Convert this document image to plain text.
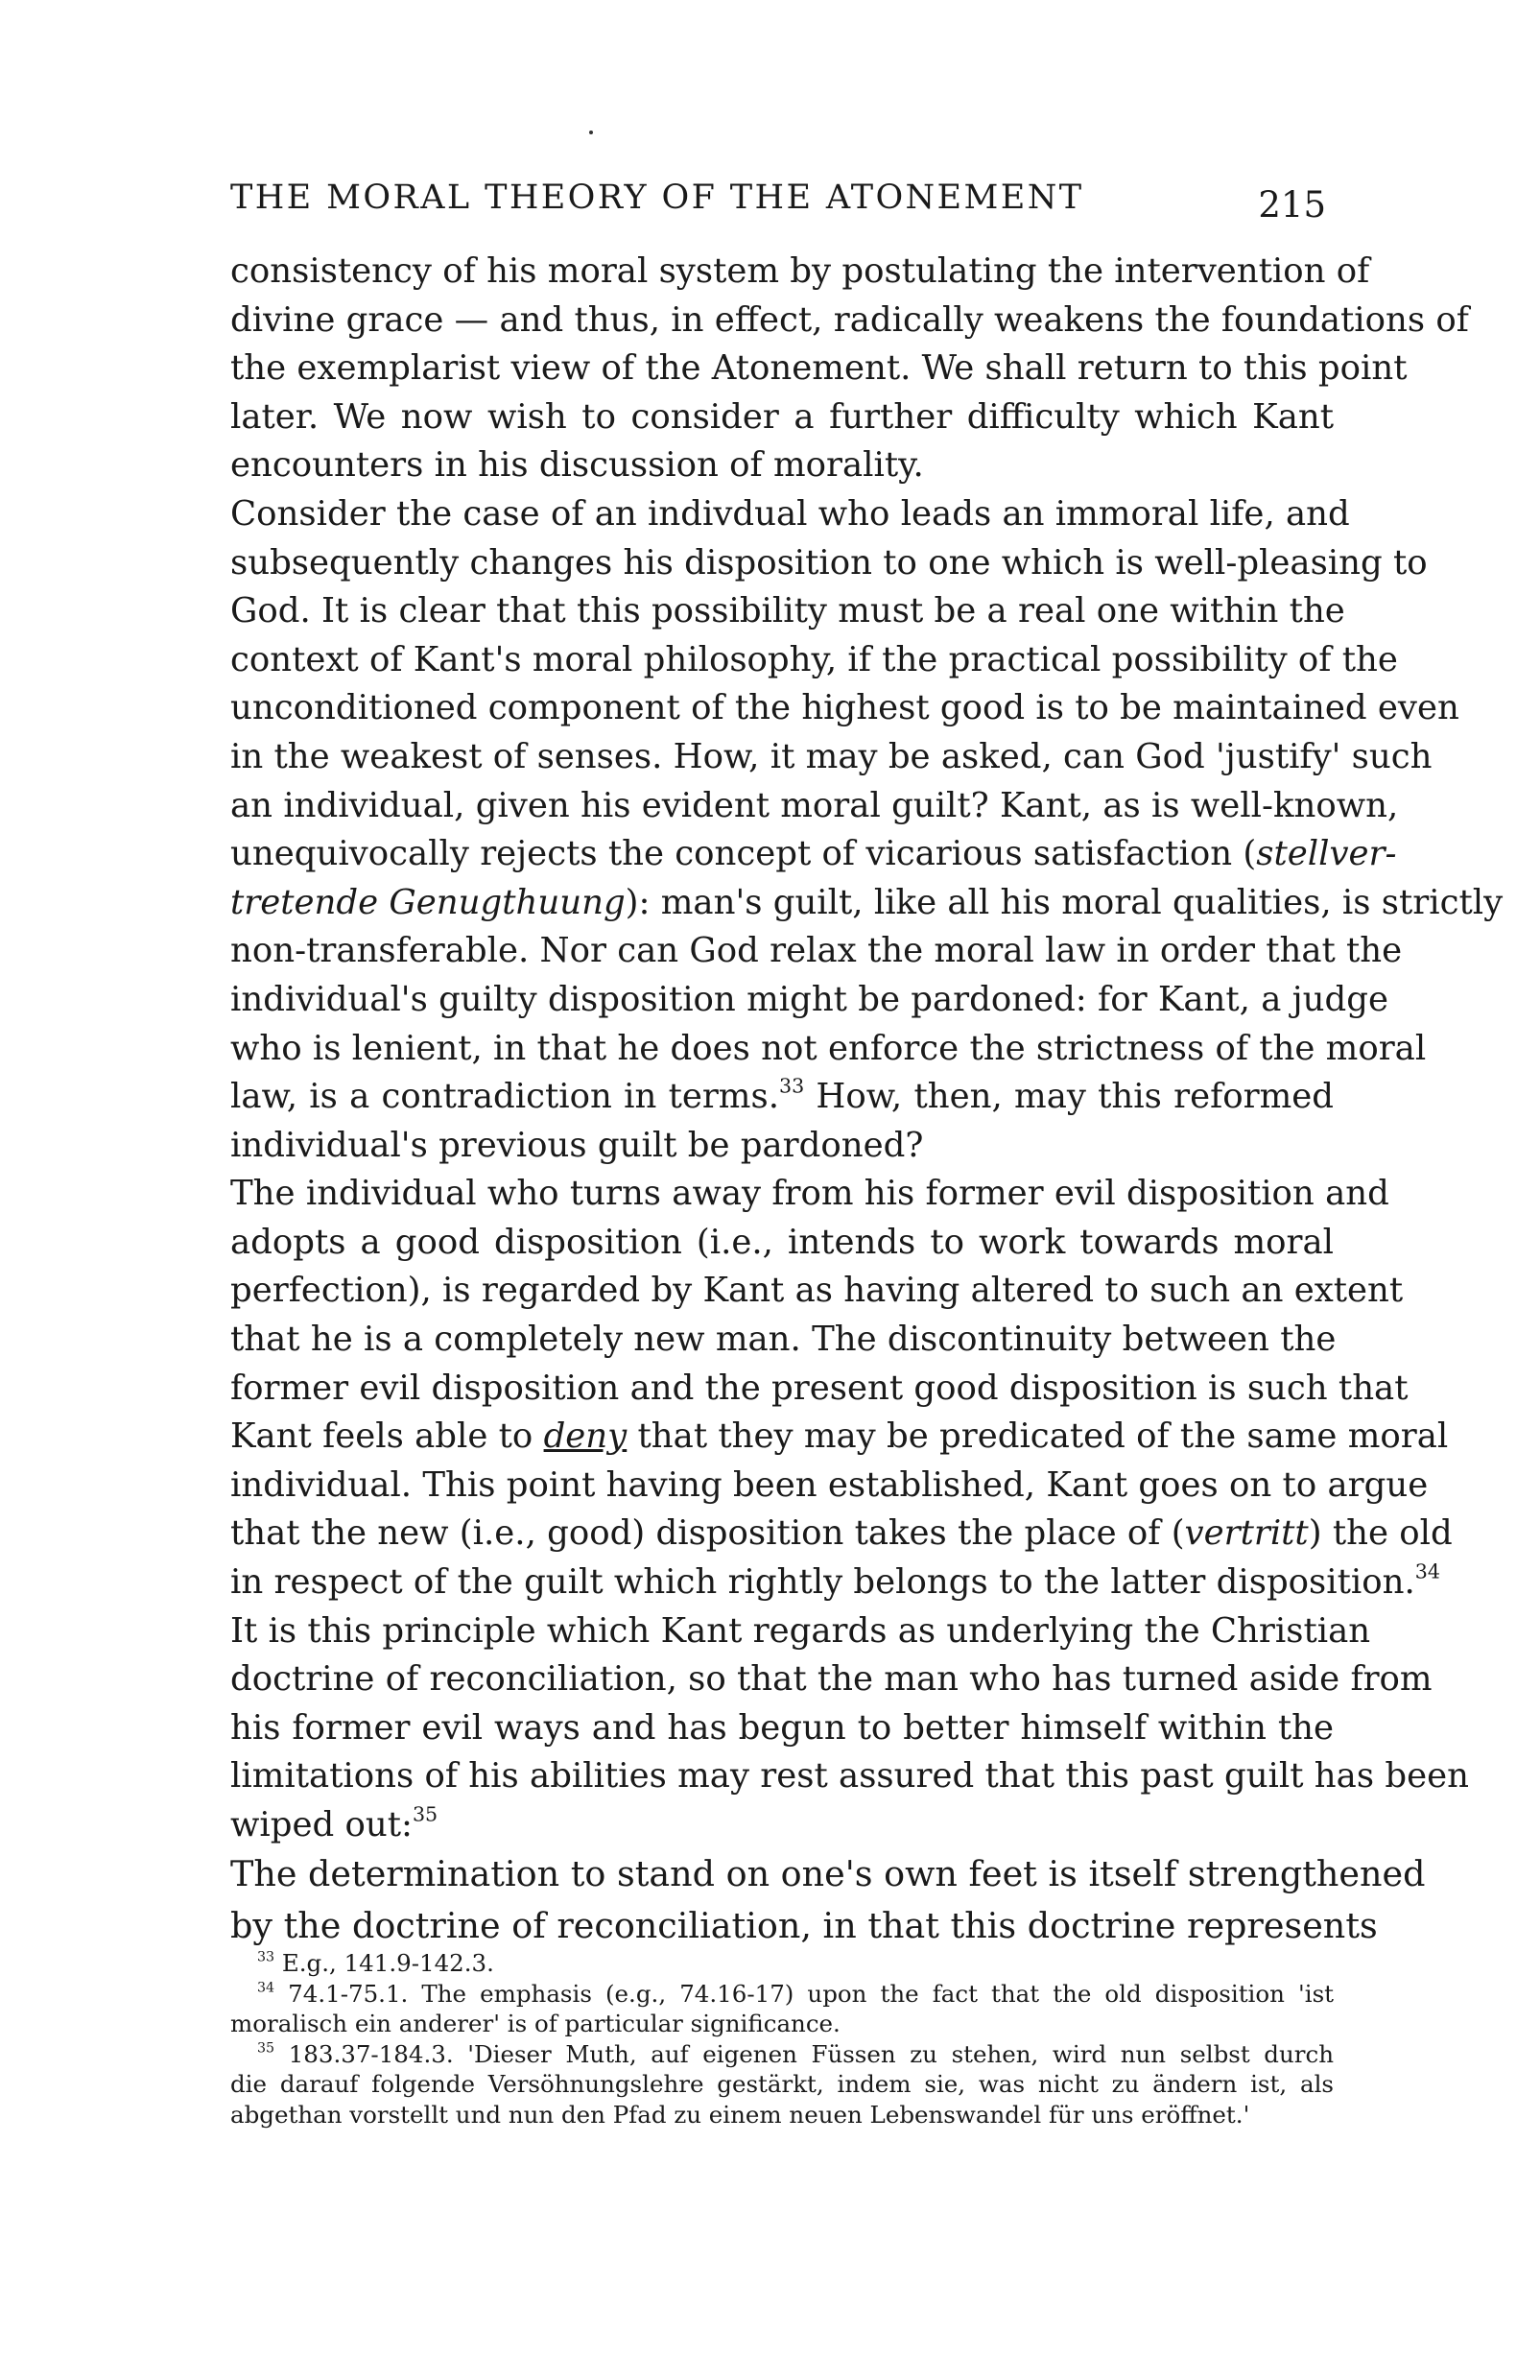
THE MORAL THEORY OF THE ATONEMENT	215
consistency of his moral system by postulating the intervention of
divine grace — and thus, in effect, radically weakens the foundations of
the exemplarist view of the Atonement. We shall return to this point
later. We now wish to consider a further difficulty which Kant
encounters in his discussion of morality.
Consider the case of an indivdual who leads an immoral life, and
subsequently changes his disposition to one which is well-pleasing to
God. It is clear that this possibility must be a real one within the
context of Kant's moral philosophy, if the practical possibility of the
unconditioned component of the highest good is to be maintained even
in the weakest of senses. How, it may be asked, can God 'justify' such
an individual, given his evident moral guilt? Kant, as is well-known,
unequivocally rejects the concept of vicarious satisfaction (stellver-
tretende Genugthuung): man's guilt, like all his moral qualities, is strictly
non-transferable. Nor can God relax the moral law in order that the
individual's guilty disposition might be pardoned: for Kant, a judge
who is lenient, in that he does not enforce the strictness of the moral
law, is a contradiction in terms.$^{33}$ How, then, may this reformed
individual's previous guilt be pardoned?
The individual who turns away from his former evil disposition and
adopts a good disposition (i.e., intends to work towards moral
perfection), is regarded by Kant as having altered to such an extent
that he is a completely new man. The discontinuity between the
former evil disposition and the present good disposition is such that
Kant feels able to deny that they may be predicated of the same moral
individual. This point having been established, Kant goes on to argue
that the new (i.e., good) disposition takes the place of (vertritt) the old
in respect of the guilt which rightly belongs to the latter disposition.$^{34}$
It is this principle which Kant regards as underlying the Christian
doctrine of reconciliation, so that the man who has turned aside from
his former evil ways and has begun to better himself within the
limitations of his abilities may rest assured that this past guilt has been
wiped out:$^{35}$
The determination to stand on one's own feet is itself strengthened
by the doctrine of reconciliation, in that this doctrine represents
$^{33}$ E.g., 141.9-142.3.
$^{34}$ 74.1-75.1. The emphasis (e.g., 74.16-17) upon the fact that the old disposition 'ist
moralisch ein anderer' is of particular significance.
$^{35}$ 183.37-184.3. 'Dieser Muth, auf eigenen Füssen zu stehen, wird nun selbst durch
die darauf folgende Versöhnungslehre gestärkt, indem sie, was nicht zu ändern ist, als
abgethan vorstellt und nun den Pfad zu einem neuen Lebenswandel für uns eröffnet.'
